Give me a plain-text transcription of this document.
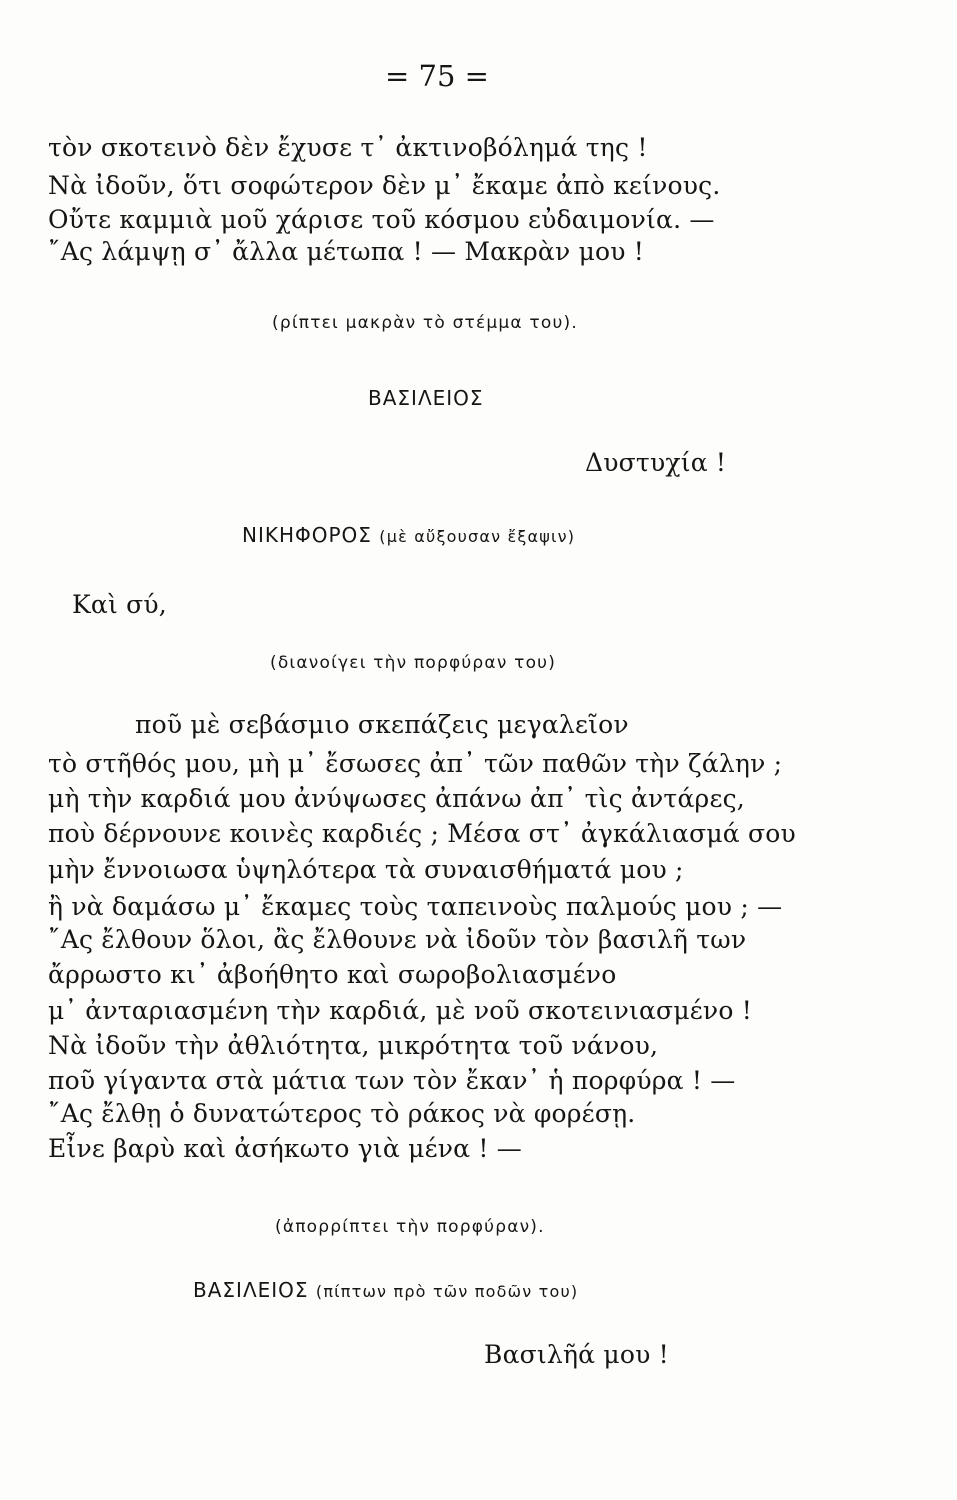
= 75 =
τὸν σκοτεινὸ δὲν ἔχυσε τ᾽ ἀκτινοβόλημά της !
Νὰ ἰδοῦν, ὅτι σοφώτερον δὲν μ᾽ ἔκαμε ἀπὸ κείνους.
Οὔτε καμμιὰ μοῦ χάρισε τοῦ κόσμου εὐδαιμονία. —
῎Ας λάμψῃ σ᾽ ἄλλα μέτωπα ! — Μακρὰν μου !
(ρίπτει μακρὰν τὸ στέμμα του).
ΒΑΣΙΛΕΙΟΣ
Δυστυχία !
ΝΙΚΗΦΟΡΟΣ (μὲ αὔξουσαν ἔξαψιν)
Καὶ σύ,
(διανοίγει τὴν πορφύραν του)
ποῦ μὲ σεβάσμιο σκεπάζεις μεγαλεῖον
τὸ στῆθός μου, μὴ μ᾽ ἔσωσες ἀπ᾽ τῶν παθῶν τὴν ζάλην ;
μὴ τὴν καρδιά μου ἀνύψωσες ἀπάνω ἀπ᾽ τὶς ἀντάρες,
ποὺ δέρνουνε κοινὲς καρδιές ; Μέσα στ᾽ ἀγκάλιασμά σου
μὴν ἔννοιωσα ὑψηλότερα τὰ συναισθήματά μου ;
ἢ νὰ δαμάσω μ᾽ ἔκαμες τοὺς ταπεινοὺς παλμούς μου ; —
῎Ας ἔλθουν ὅλοι, ἂς ἔλθουνε νὰ ἰδοῦν τὸν βασιλῆ των
ἄρρωστο κι᾽ ἀβοήθητο καὶ σωροβολιασμένο
μ᾽ ἀνταριασμένη τὴν καρδιά, μὲ νοῦ σκοτεινιασμένο !
Νὰ ἰδοῦν τὴν ἀθλιότητα, μικρότητα τοῦ νάνου,
ποῦ γίγαντα στὰ μάτια των τὸν ἔκαν᾽ ἡ πορφύρα ! —
῎Ας ἔλθῃ ὁ δυνατώτερος τὸ ράκος νὰ φορέσῃ.
Εἶνε βαρὺ καὶ ἀσήκωτο γιὰ μένα ! —
(ἀπορρίπτει τὴν πορφύραν).
ΒΑΣΙΛΕΙΟΣ (πίπτων πρὸ τῶν ποδῶν του)
Βασιλῆά μου !
